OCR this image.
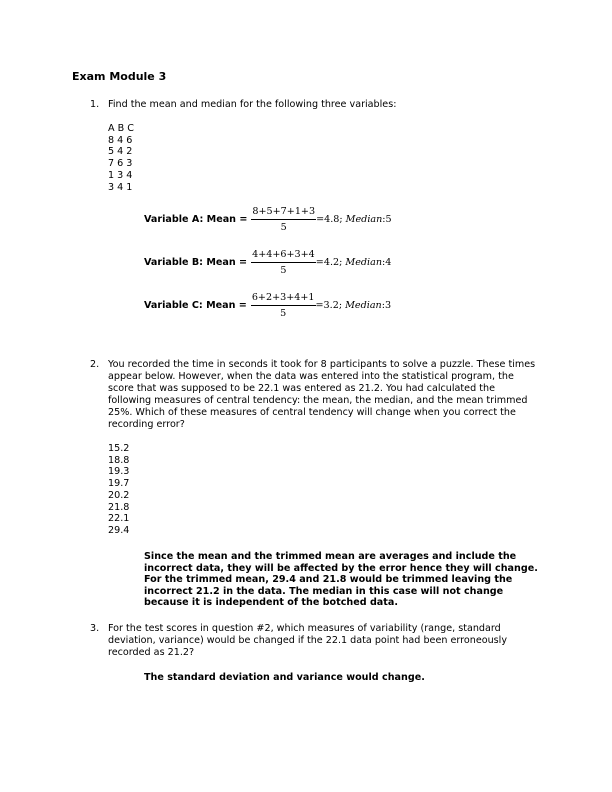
Exam Module 3
1. Find the mean and median for the following three variables:
A B C
8 4 6
5 4 2
7 6 3
1 3 4
3 4 1
Variable A: Mean = $\frac{8+5+7+1+3}{5} =4.8$; Median:5
Variable B: Mean = $\frac{4+4+6+3+4}{5} =4.2$; Median:4
Variable C: Mean = $\frac{6+2+3+4+1}{5} =3.2$; Median:3
2. You recorded the time in seconds it took for 8 participants to solve a puzzle. These times appear below. However, when the data was entered into the statistical program, the score that was supposed to be 22.1 was entered as 21.2. You had calculated the following measures of central tendency: the mean, the median, and the mean trimmed 25%. Which of these measures of central tendency will change when you correct the recording error?
15.2
18.8
19.3
19.7
20.2
21.8
22.1
29.4
Since the mean and the trimmed mean are averages and include the incorrect data, they will be affected by the error hence they will change. For the trimmed mean, 29.4 and 21.8 would be trimmed leaving the incorrect 21.2 in the data. The median in this case will not change because it is independent of the botched data.
3. For the test scores in question #2, which measures of variability (range, standard deviation, variance) would be changed if the 22.1 data point had been erroneously recorded as 21.2?
The standard deviation and variance would change.
